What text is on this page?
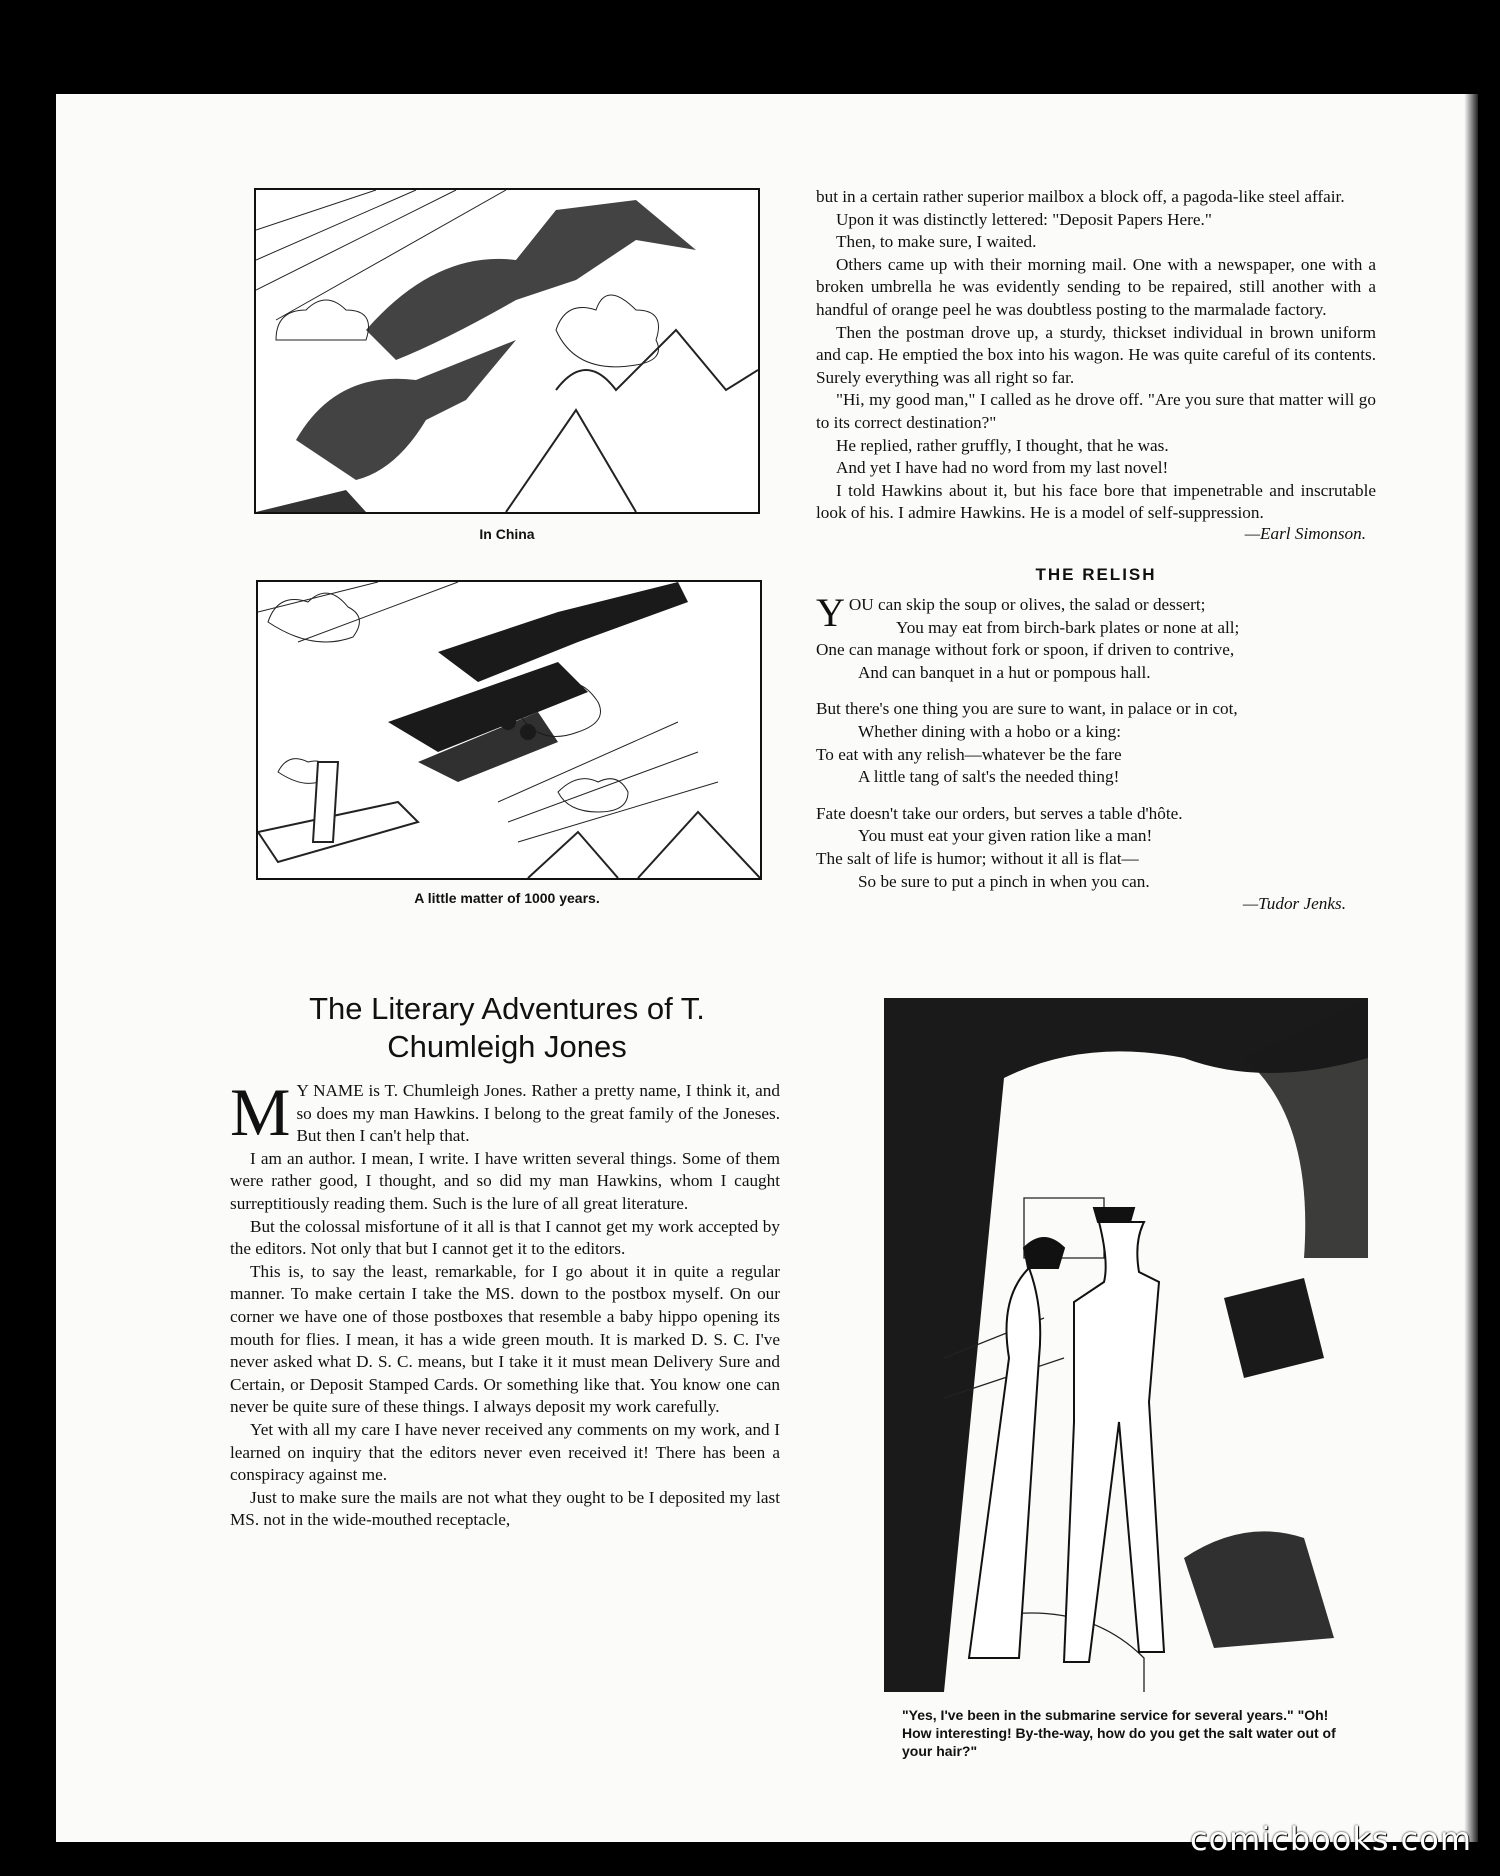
In China
A little matter of 1000 years.
The Literary Adventures of T. Chumleigh Jones

M Y NAME is T. Chumleigh Jones. Rather a pretty name, I think it, and so does my man Hawkins. I belong to the great family of the Joneses. But then I can't help that.

I am an author. I mean, I write. I have written several things. Some of them were rather good, I thought, and so did my man Hawkins, whom I caught surreptitiously reading them. Such is the lure of all great literature.

But the colossal misfortune of it all is that I cannot get my work accepted by the editors. Not only that but I cannot get it to the editors.

This is, to say the least, remarkable, for I go about it in quite a regular manner. To make certain I take the MS. down to the postbox myself. On our corner we have one of those postboxes that resemble a baby hippo opening its mouth for flies. I mean, it has a wide green mouth. It is marked D. S. C. I've never asked what D. S. C. means, but I take it it must mean Delivery Sure and Certain, or Deposit Stamped Cards. Or something like that. You know one can never be quite sure of these things. I always deposit my work carefully.

Yet with all my care I have never received any comments on my work, and I learned on inquiry that the editors never even received it! There has been a conspiracy against me.

Just to make sure the mails are not what they ought to be I deposited my last MS. not in the wide-mouthed receptacle,

but in a certain rather superior mailbox a block off, a pagoda-like steel affair.

Upon it was distinctly lettered: "Deposit Papers Here."

Then, to make sure, I waited.

Others came up with their morning mail. One with a newspaper, one with a broken umbrella he was evidently sending to be repaired, still another with a handful of orange peel he was doubtless posting to the marmalade factory.

Then the postman drove up, a sturdy, thickset individual in brown uniform and cap. He emptied the box into his wagon. He was quite careful of its contents. Surely everything was all right so far.

"Hi, my good man," I called as he drove off. "Are you sure that matter will go to its correct destination?"

He replied, rather gruffly, I thought, that he was.

And yet I have had no word from my last novel!

I told Hawkins about it, but his face bore that impenetrable and inscrutable look of his. I admire Hawkins. He is a model of self-suppression.

—Earl Simonson.
THE RELISH
YOU can skip the soup or olives, the salad or dessert;
You may eat from birch-bark plates or none at all;
One can manage without fork or spoon, if driven to contrive,
And can banquet in a hut or pompous hall.
But there's one thing you are sure to want, in palace or in cot,
Whether dining with a hobo or a king:
To eat with any relish—whatever be the fare
A little tang of salt's the needed thing!
Fate doesn't take our orders, but serves a table d'hôte.
You must eat your given ration like a man!
The salt of life is humor; without it all is flat—
So be sure to put a pinch in when you can.
—Tudor Jenks.
"Yes, I've been in the submarine service for several years." "Oh! How interesting! By-the-way, how do you get the salt water out of your hair?"
comicbooks.com
